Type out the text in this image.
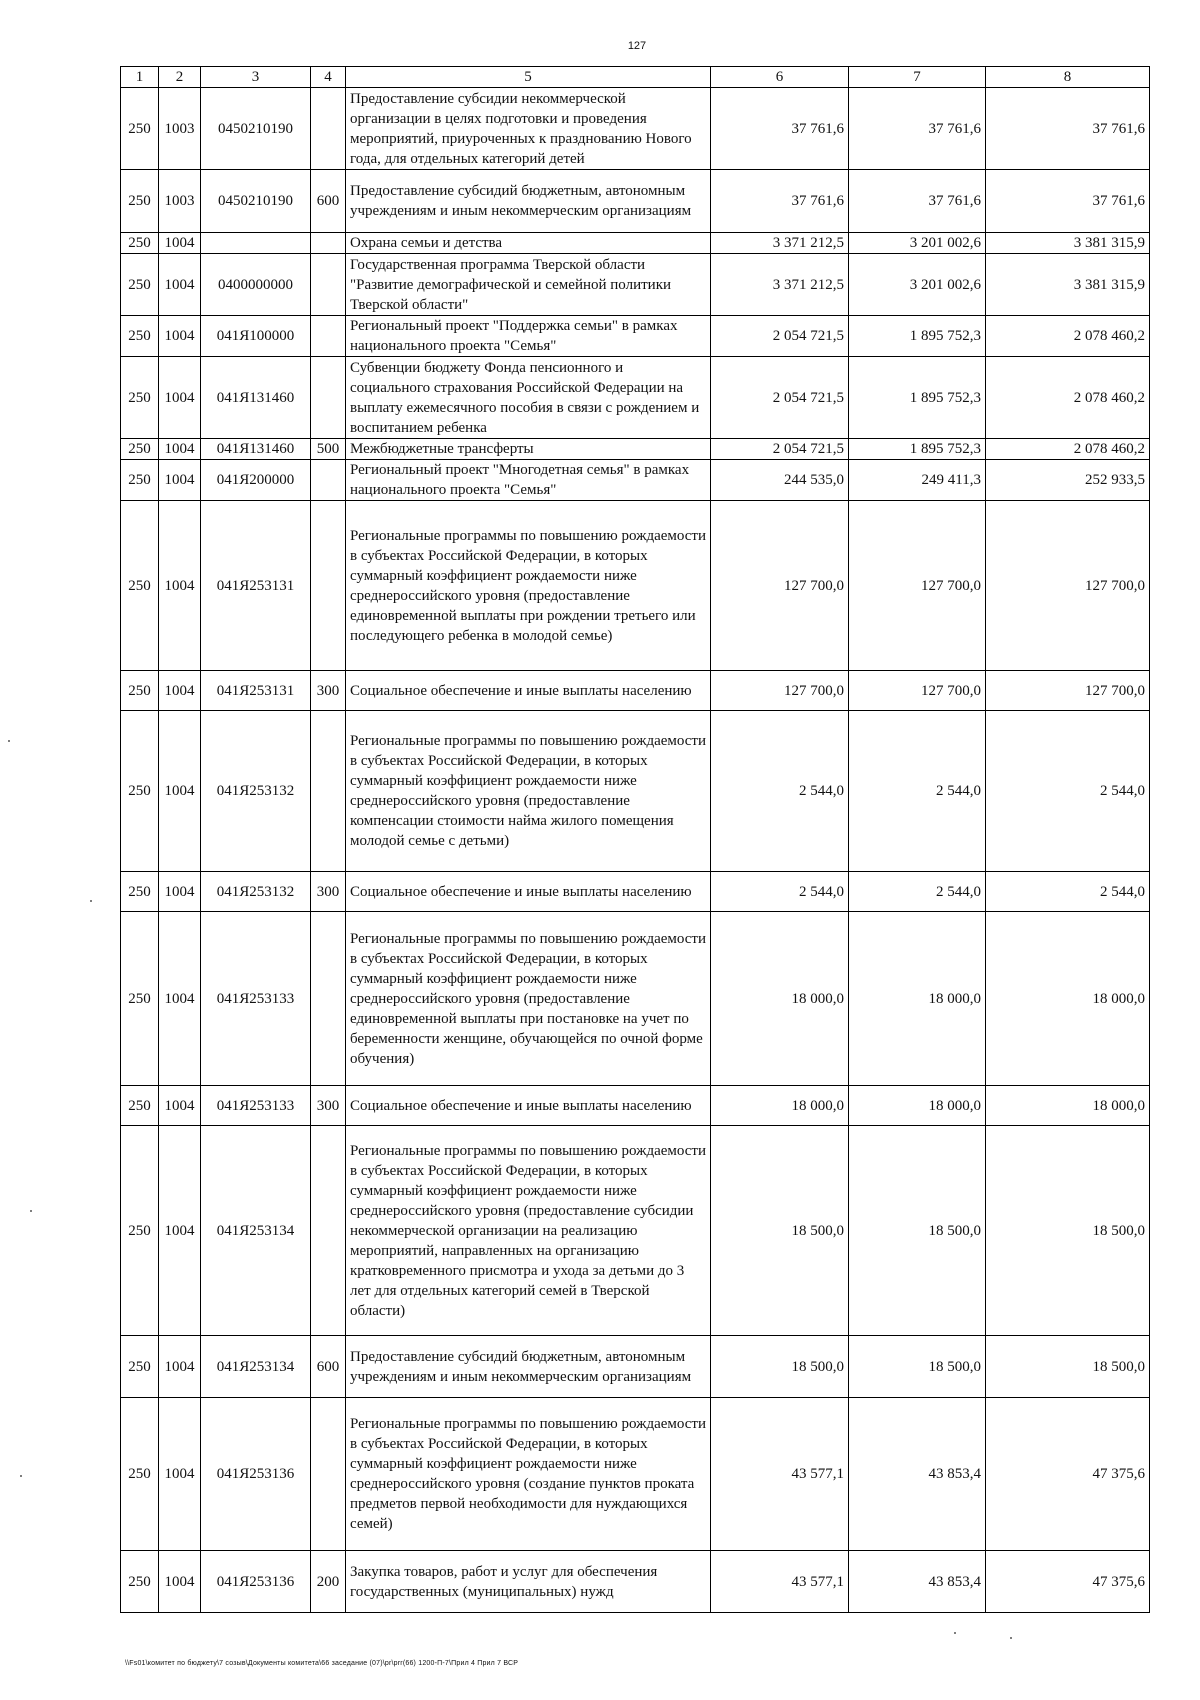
127
1	2	3	4	5	6	7	8
250	1003	0450210190		Предоставление субсидии некоммерческой организации в целях подготовки и проведения мероприятий, приуроченных к празднованию Нового года, для отдельных категорий детей	37 761,6	37 761,6	37 761,6
250	1003	0450210190	600	Предоставление субсидий бюджетным, автономным учреждениям и иным некоммерческим организациям	37 761,6	37 761,6	37 761,6
250	1004			Охрана семьи и детства	3 371 212,5	3 201 002,6	3 381 315,9
250	1004	0400000000		Государственная программа Тверской области "Развитие демографической и семейной политики Тверской области"	3 371 212,5	3 201 002,6	3 381 315,9
250	1004	041Я100000		Региональный проект "Поддержка семьи" в рамках национального проекта "Семья"	2 054 721,5	1 895 752,3	2 078 460,2
250	1004	041Я131460		Субвенции бюджету Фонда пенсионного и социального страхования Российской Федерации на выплату ежемесячного пособия в связи с рождением и воспитанием ребенка	2 054 721,5	1 895 752,3	2 078 460,2
250	1004	041Я131460	500	Межбюджетные трансферты	2 054 721,5	1 895 752,3	2 078 460,2
250	1004	041Я200000		Региональный проект "Многодетная семья" в рамках национального проекта "Семья"	244 535,0	249 411,3	252 933,5
250	1004	041Я253131		Региональные программы по повышению рождаемости в субъектах Российской Федерации, в которых суммарный коэффициент рождаемости ниже среднероссийского уровня (предоставление единовременной выплаты при рождении третьего или последующего ребенка в молодой семье)	127 700,0	127 700,0	127 700,0
250	1004	041Я253131	300	Социальное обеспечение и иные выплаты населению	127 700,0	127 700,0	127 700,0
250	1004	041Я253132		Региональные программы по повышению рождаемости в субъектах Российской Федерации, в которых суммарный коэффициент рождаемости ниже среднероссийского уровня (предоставление компенсации стоимости найма жилого помещения молодой семье с детьми)	2 544,0	2 544,0	2 544,0
250	1004	041Я253132	300	Социальное обеспечение и иные выплаты населению	2 544,0	2 544,0	2 544,0
250	1004	041Я253133		Региональные программы по повышению рождаемости в субъектах Российской Федерации, в которых суммарный коэффициент рождаемости ниже среднероссийского уровня (предоставление единовременной выплаты при постановке на учет по беременности женщине, обучающейся по очной форме обучения)	18 000,0	18 000,0	18 000,0
250	1004	041Я253133	300	Социальное обеспечение и иные выплаты населению	18 000,0	18 000,0	18 000,0
250	1004	041Я253134		Региональные программы по повышению рождаемости в субъектах Российской Федерации, в которых суммарный коэффициент рождаемости ниже среднероссийского уровня (предоставление субсидии некоммерческой организации на реализацию мероприятий, направленных на организацию кратковременного присмотра и ухода за детьми до 3 лет для отдельных категорий семей в Тверской области)	18 500,0	18 500,0	18 500,0
250	1004	041Я253134	600	Предоставление субсидий бюджетным, автономным учреждениям и иным некоммерческим организациям	18 500,0	18 500,0	18 500,0
250	1004	041Я253136		Региональные программы по повышению рождаемости в субъектах Российской Федерации, в которых суммарный коэффициент рождаемости ниже среднероссийского уровня (создание пунктов проката предметов первой необходимости для нуждающихся семей)	43 577,1	43 853,4	47 375,6
250	1004	041Я253136	200	Закупка товаров, работ и услуг для обеспечения государственных (муниципальных) нужд	43 577,1	43 853,4	47 375,6
\\Fs01\комитет по бюджету\7 созыв\Документы комитета\66 заседание (07)\pr\prr(66) 1200-П-7\Прил 4 Прил 7 ВСР
